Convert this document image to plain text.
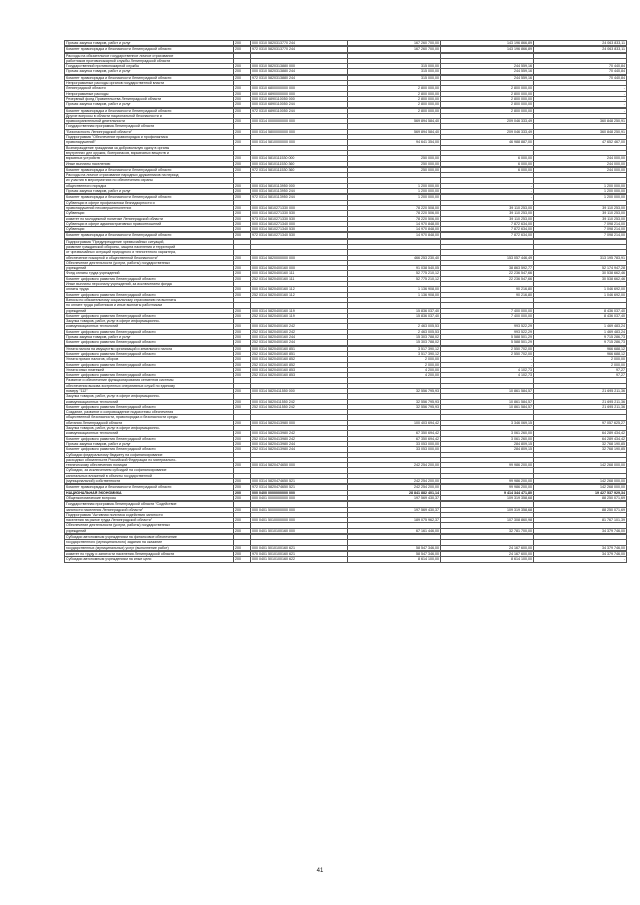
Прочая закупка товаров, работ и услуг	200	000 0310 5820313770 244	167 260 700,00	143 196 866,89	24 063 833,11

Комитет правопорядка и безопасности Ленинградской области	200	972 0310 5820313770 244	167 260 700,00	143 196 866,89	24 063 833,11

Расходы на обязательное государственное личное страхование					
работников противопожарной службы Ленинградской области					
Государственной противопожарной службы	200	000 0310 5820313880 000	315 000,00	244 559,16	70 440,84
Прочая закупка товаров, работ и услуг	200	000 0310 5820313880 244	315 000,00	244 559,16	70 440,84

Комитет правопорядка и безопасности Ленинградской области	200	972 0310 5820313880 244	315 000,00	244 559,16	70 440,84
Непрограммные расходы органов государственной власти					
Ленинградской области	200	000 0310 6800000000 000	2 800 000,00	2 800 000,00	-
Непрограммные расходы	200	000 0310 6890000000 000	2 800 000,00	2 800 000,00	-
Резервный фонд Правительства Ленинградской области	200	000 0310 6890110050 000	2 800 000,00	2 800 000,00	-
Прочая закупка товаров, работ и услуг	200	000 0310 6890110050 244	2 800 000,00	2 800 000,00	-

Комитет правопорядка и безопасности Ленинградской области	200	972 0310 6890110050 244	2 800 000,00	2 800 000,00	-
Другие вопросы в области национальной безопасности и					
правоохранительной деятельности	200	000 0314 0000000000 000	569 894 584,40	209 046 333,49	360 848 250,91
Государственная программа Ленинградской области					
"Безопасность Ленинградской области"	200	000 0314 5800000000 000	569 894 584,40	209 046 333,49	360 848 250,91
Подпрограмма "Обеспечение правопорядка и профилактика					
правонарушений"	200	000 0314 5810000000 000	94 641 354,00	46 988 887,00	47 652 467,00
Вознаграждение гражданам за добровольную сдачу в органы					
внутренних дел оружия, боеприпасов, взрывчатых веществ и					
взрывных устройств	200	000 0314 5810111530 000	250 000,00	6 000,00	244 000,00
Иные выплаты населению	200	000 0314 5810111530 360	250 000,00	6 000,00	244 000,00

Комитет правопорядка и безопасности Ленинградской области	200	972 0314 5810111530 360	250 000,00	6 000,00	244 000,00
Расходы на личное страхование народных дружинников на период					
их участия в мероприятиях по обеспечению охраны					
общественного порядка	200	000 0314 5810113950 000	1 200 000,00	-	1 200 000,00
Прочая закупка товаров, работ и услуг	200	000 0314 5810113950 244	1 200 000,00	-	1 200 000,00

Комитет правопорядка и безопасности Ленинградской области	200	972 0314 5810113950 244	1 200 000,00	-	1 200 000,00
Субвенции в сфере профилактики безнадзорности и					
правонарушений несовершеннолетних	200	000 0314 5810271330 000	78 220 508,00	39 110 253,00	39 110 253,00
Субвенции	200	000 0314 5810271330 530	78 220 506,00	39 110 253,00	39 110 253,00
комитет по молодежной политике Ленинградской области	200	973 0314 5810271330 530	78 220 506,00	39 110 253,00	39 110 253,00
Субвенции в сфере административных правоотношений	200	000 0314 5810271340 000	14 970 848,00	7 872 634,00	7 098 214,00
Субвенции	200	000 0314 5810271340 530	14 970 848,00	7 872 634,00	7 098 214,00

Комитет правопорядка и безопасности Ленинградской области	200	972 0314 5810271340 530	14 970 848,00	7 872 634,00	7 098 214,00

Подпрограмма "Предупреждение чрезвычайных ситуаций,					
развитие гражданской обороны, защита населения и территорий					
от чрезвычайных ситуаций природного и техногенного характера,					
обеспечение пожарной и общественной безопасности"	200	000 0314 5820000000 000	466 253 230,40	153 057 446,49	313 195 783,91
Обеспечение деятельности (услуги, работы) государственных					
учреждений	200	000 0314 5820400160 000	91 038 540,05	38 863 592,77	52 174 947,28
Фонд оплаты труда учреждений	200	000 0314 5820400160 111	52 775 210,12	22 236 547,66	30 538 662,46
Комитет цифрового развития Ленинградской области	200	252 0314 5820400160 111	52 775 210,12	22 236 547,66	30 538 662,46
Иные выплаты персоналу учреждений, за исключением фонда					
оплаты труда	200	000 0314 5820400160 112	1 136 908,00	90 216,80	1 046 692,00
Комитет цифрового развития Ленинградской области	200	252 0314 5820400160 112	1 136 908,00	90 216,80	1 046 692,00
Взносы по обязательному социальному страхованию на выплаты					
по оплате труда работников и иные выплаты работникам					
учреждений	200	000 0314 5820400160 119	15 836 037,40	7 400 000,00	8 436 037,40
Комитет цифрового развития Ленинградской области	200	252 0314 5820400160 119	15 836 037,40	7 400 000,00	8 436 037,40
Закупка товаров, работ, услуг в сфере информационно-					
коммуникационных технологий	200	000 0314 5820400160 242	2 463 005,53	993 522,29	1 469 483,24
Комитет цифрового развития Ленинградской области	200	252 0314 5820400160 242	2 463 005,53	993 522,29	1 469 483,24
Прочая закупка товаров, работ и услуг	200	000 0314 5820400160 244	15 303 788,02	5 588 501,29	9 715 286,73
Комитет цифрового развития Ленинградской области	200	252 0314 5820400160 244	15 303 788,02	5 588 501,29	9 715 286,73

Уплата налога на имущество организаций и земельного налога	200	000 0314 5820400160 851	3 517 390,12	2 550 702,00	966 688,12
Комитет цифрового развития Ленинградской области	200	252 0314 5820400160 851	3 517 390,12	2 550 702,00	966 688,12
Уплата прочих налогов, сборов	200	000 0314 5820400160 852	2 000,00	-	2 000,00
Комитет цифрового развития Ленинградской области	200	252 0314 5820400160 852	2 000,00	-	2 000,00
Уплата иных платежей	200	000 0314 5820400160 853	4 200,00	4 102,73	97,27
Комитет цифрового развития Ленинградской области	200	252 0314 5820400160 853	4 200,00	4 102,73	97,27
Развитие и обеспечение функционирования сегментов системы					
обеспечения вызова экстренных оперативных служб по единому					
номеру "112"	200	000 0314 5820411550 000	32 556 795,93	10 861 584,57	21 695 211,36
Закупка товаров, работ, услуг в сфере информационно-					
коммуникационных технологий	200	000 0314 5820411550 242	32 556 795,93	10 861 584,57	21 695 211,36
Комитет цифрового развития Ленинградской области	200	252 0314 5820411550 242	32 556 795,93	10 861 584,57	21 695 211,36
Создание, развитие и сопровождение подсистемы обеспечения					
общественной безопасности, правопорядка и безопасности среды					
обитания Ленинградской области	200	000 0314 5820413980 000	100 403 694,42	3 346 069,15	97 057 625,27
Закупка товаров, работ, услуг в сфере информационно-					
коммуникационных технологий	200	000 0314 5820413980 242	67 350 694,42	3 061 260,00	64 289 434,42
Комитет цифрового развития Ленинградской области	200	252 0314 5820413980 242	67 350 694,42	3 061 260,00	64 289 434,42
Прочая закупка товаров, работ и услуг	200	000 0314 5820413980 244	33 053 000,00	284 809,15	32 768 190,85
Комитет цифрового развития Ленинградской области	200	252 0314 5820413980 244	33 053 000,00	284 809,15	32 768 190,85
Субсидии федеральному бюджету на софинансирование					
расходных обязательств Российской Федерации по материально-					
техническому обеспечению полиции	200	000 0314 5820474650 000	242 254 200,00	99 986 200,00	142 268 000,00
Субсидии, за исключением субсидий на софинансирование					
капитальных вложений в объекты государственной					
(муниципальной) собственности	200	000 0314 5820474650 521	242 254 200,00	99 986 200,00	142 268 000,00

Комитет правопорядка и безопасности Ленинградской области	200	972 0314 5820474650 521	242 254 200,00	99 986 200,00	142 268 000,00
НАЦИОНАЛЬНАЯ ЭКОНОМИКА	200	000 0400 0000000000 000	28 841 882 401,14	9 414 344 471,80	19 427 537 929,34
Общеэкономические вопросы	200	000 0401 0000000000 000	197 569 430,37	109 319 358,68	88 250 071,69

Государственная программа Ленинградской области "Содействие					
занятости населения Ленинградской области"	200	000 0401 5000000000 000	197 569 430,37	109 319 358,68	88 250 071,69
Подпрограмма "Активная политика содействия занятости					
населения на рынке труда Ленинградской области"	200	000 0401 5010000000 000	189 075 962,37	107 308 860,98	81 767 101,39
Обеспечение деятельности (услуги, работы) государственных					
учреждений	200	000 0401 5010100160 000	67 161 446,00	32 781 700,00	34 379 746,00

Субсидии автономным учреждениям на финансовое обеспечение					
государственного (муниципального) задания на оказание					
государственных (муниципальных) услуг (выполнение работ)	200	000 0401 5010100160 621	58 547 346,00	24 167 600,00	34 379 746,00

комитет по труду и занятости населения Ленинградской области	200	970 0401 5010100160 621	58 547 346,00	24 167 600,00	34 379 746,00
Субсидии автономным учреждениям на иные цели	200	000 0401 5010100160 622	8 614 100,00	8 614 100,00	-
41
